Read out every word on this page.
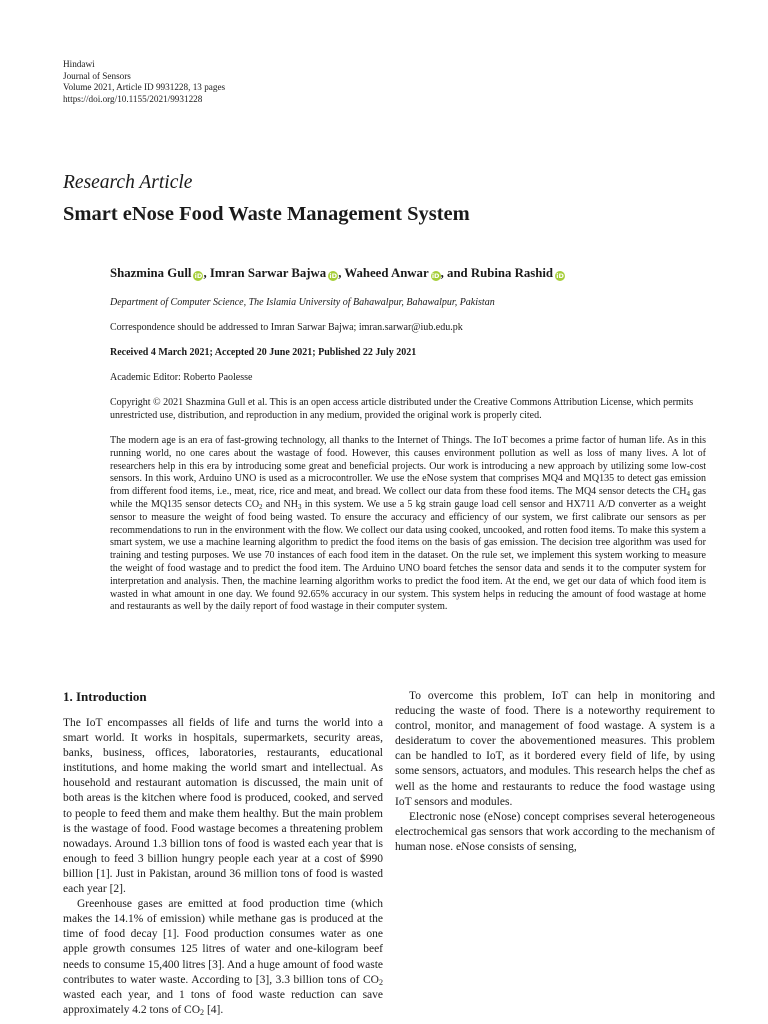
Hindawi
Journal of Sensors
Volume 2021, Article ID 9931228, 13 pages
https://doi.org/10.1155/2021/9931228
Research Article
Smart eNose Food Waste Management System
Shazmina Gull iD, Imran Sarwar Bajwa iD, Waheed Anwar iD, and Rubina Rashid iD
Department of Computer Science, The Islamia University of Bahawalpur, Bahawalpur, Pakistan
Correspondence should be addressed to Imran Sarwar Bajwa; imran.sarwar@iub.edu.pk
Received 4 March 2021; Accepted 20 June 2021; Published 22 July 2021
Academic Editor: Roberto Paolesse
Copyright © 2021 Shazmina Gull et al. This is an open access article distributed under the Creative Commons Attribution License, which permits unrestricted use, distribution, and reproduction in any medium, provided the original work is properly cited.
The modern age is an era of fast-growing technology, all thanks to the Internet of Things. The IoT becomes a prime factor of human life. As in this running world, no one cares about the wastage of food. However, this causes environment pollution as well as loss of many lives. A lot of researchers help in this era by introducing some great and beneficial projects. Our work is introducing a new approach by utilizing some low-cost sensors. In this work, Arduino UNO is used as a microcontroller. We use the eNose system that comprises MQ4 and MQ135 to detect gas emission from different food items, i.e., meat, rice, rice and meat, and bread. We collect our data from these food items. The MQ4 sensor detects the $CH_4$ gas while the MQ135 sensor detects $CO_2$ and $NH_3$ in this system. We use a 5 kg strain gauge load cell sensor and HX711 A/D converter as a weight sensor to measure the weight of food being wasted. To ensure the accuracy and efficiency of our system, we first calibrate our sensors as per recommendations to run in the environment with the flow. We collect our data using cooked, uncooked, and rotten food items. To make this system a smart system, we use a machine learning algorithm to predict the food items on the basis of gas emission. The decision tree algorithm was used for training and testing purposes. We use 70 instances of each food item in the dataset. On the rule set, we implement this system working to measure the weight of food wastage and to predict the food item. The Arduino UNO board fetches the sensor data and sends it to the computer system for interpretation and analysis. Then, the machine learning algorithm works to predict the food item. At the end, we get our data of which food item is wasted in what amount in one day. We found 92.65% accuracy in our system. This system helps in reducing the amount of food wastage at home and restaurants as well by the daily report of food wastage in their computer system.
1. Introduction

The IoT encompasses all fields of life and turns the world into a smart world. It works in hospitals, supermarkets, security areas, banks, business, offices, laboratories, restaurants, educational institutions, and home making the world smart and intellectual. As household and restaurant automation is discussed, the main unit of both areas is the kitchen where food is produced, cooked, and served to people to feed them and make them healthy. But the main problem is the wastage of food. Food wastage becomes a threatening problem nowadays. Around 1.3 billion tons of food is wasted each year that is enough to feed 3 billion hungry people each year at a cost of $990 billion [1]. Just in Pakistan, around 36 million tons of food is wasted each year [2].

Greenhouse gases are emitted at food production time (which makes the 14.1% of emission) while methane gas is produced at the time of food decay [1]. Food production consumes water as one apple growth consumes 125 litres of water and one-kilogram beef needs to consume 15,400 litres [3]. And a huge amount of food waste contributes to water waste. According to [3], 3.3 billion tons of $CO_2$ wasted each year, and 1 tons of food waste reduction can save approximately 4.2 tons of $CO_2$ [4].

To overcome this problem, IoT can help in monitoring and reducing the waste of food. There is a noteworthy requirement to control, monitor, and management of food wastage. A system is a desideratum to cover the abovementioned measures. This problem can be handled to IoT, as it bordered every field of life, by using some sensors, actuators, and modules. This research helps the chef as well as the home and restaurants to reduce the food wastage using IoT sensors and modules.

Electronic nose (eNose) concept comprises several heterogeneous electrochemical gas sensors that work according to the mechanism of human nose. eNose consists of sensing,
